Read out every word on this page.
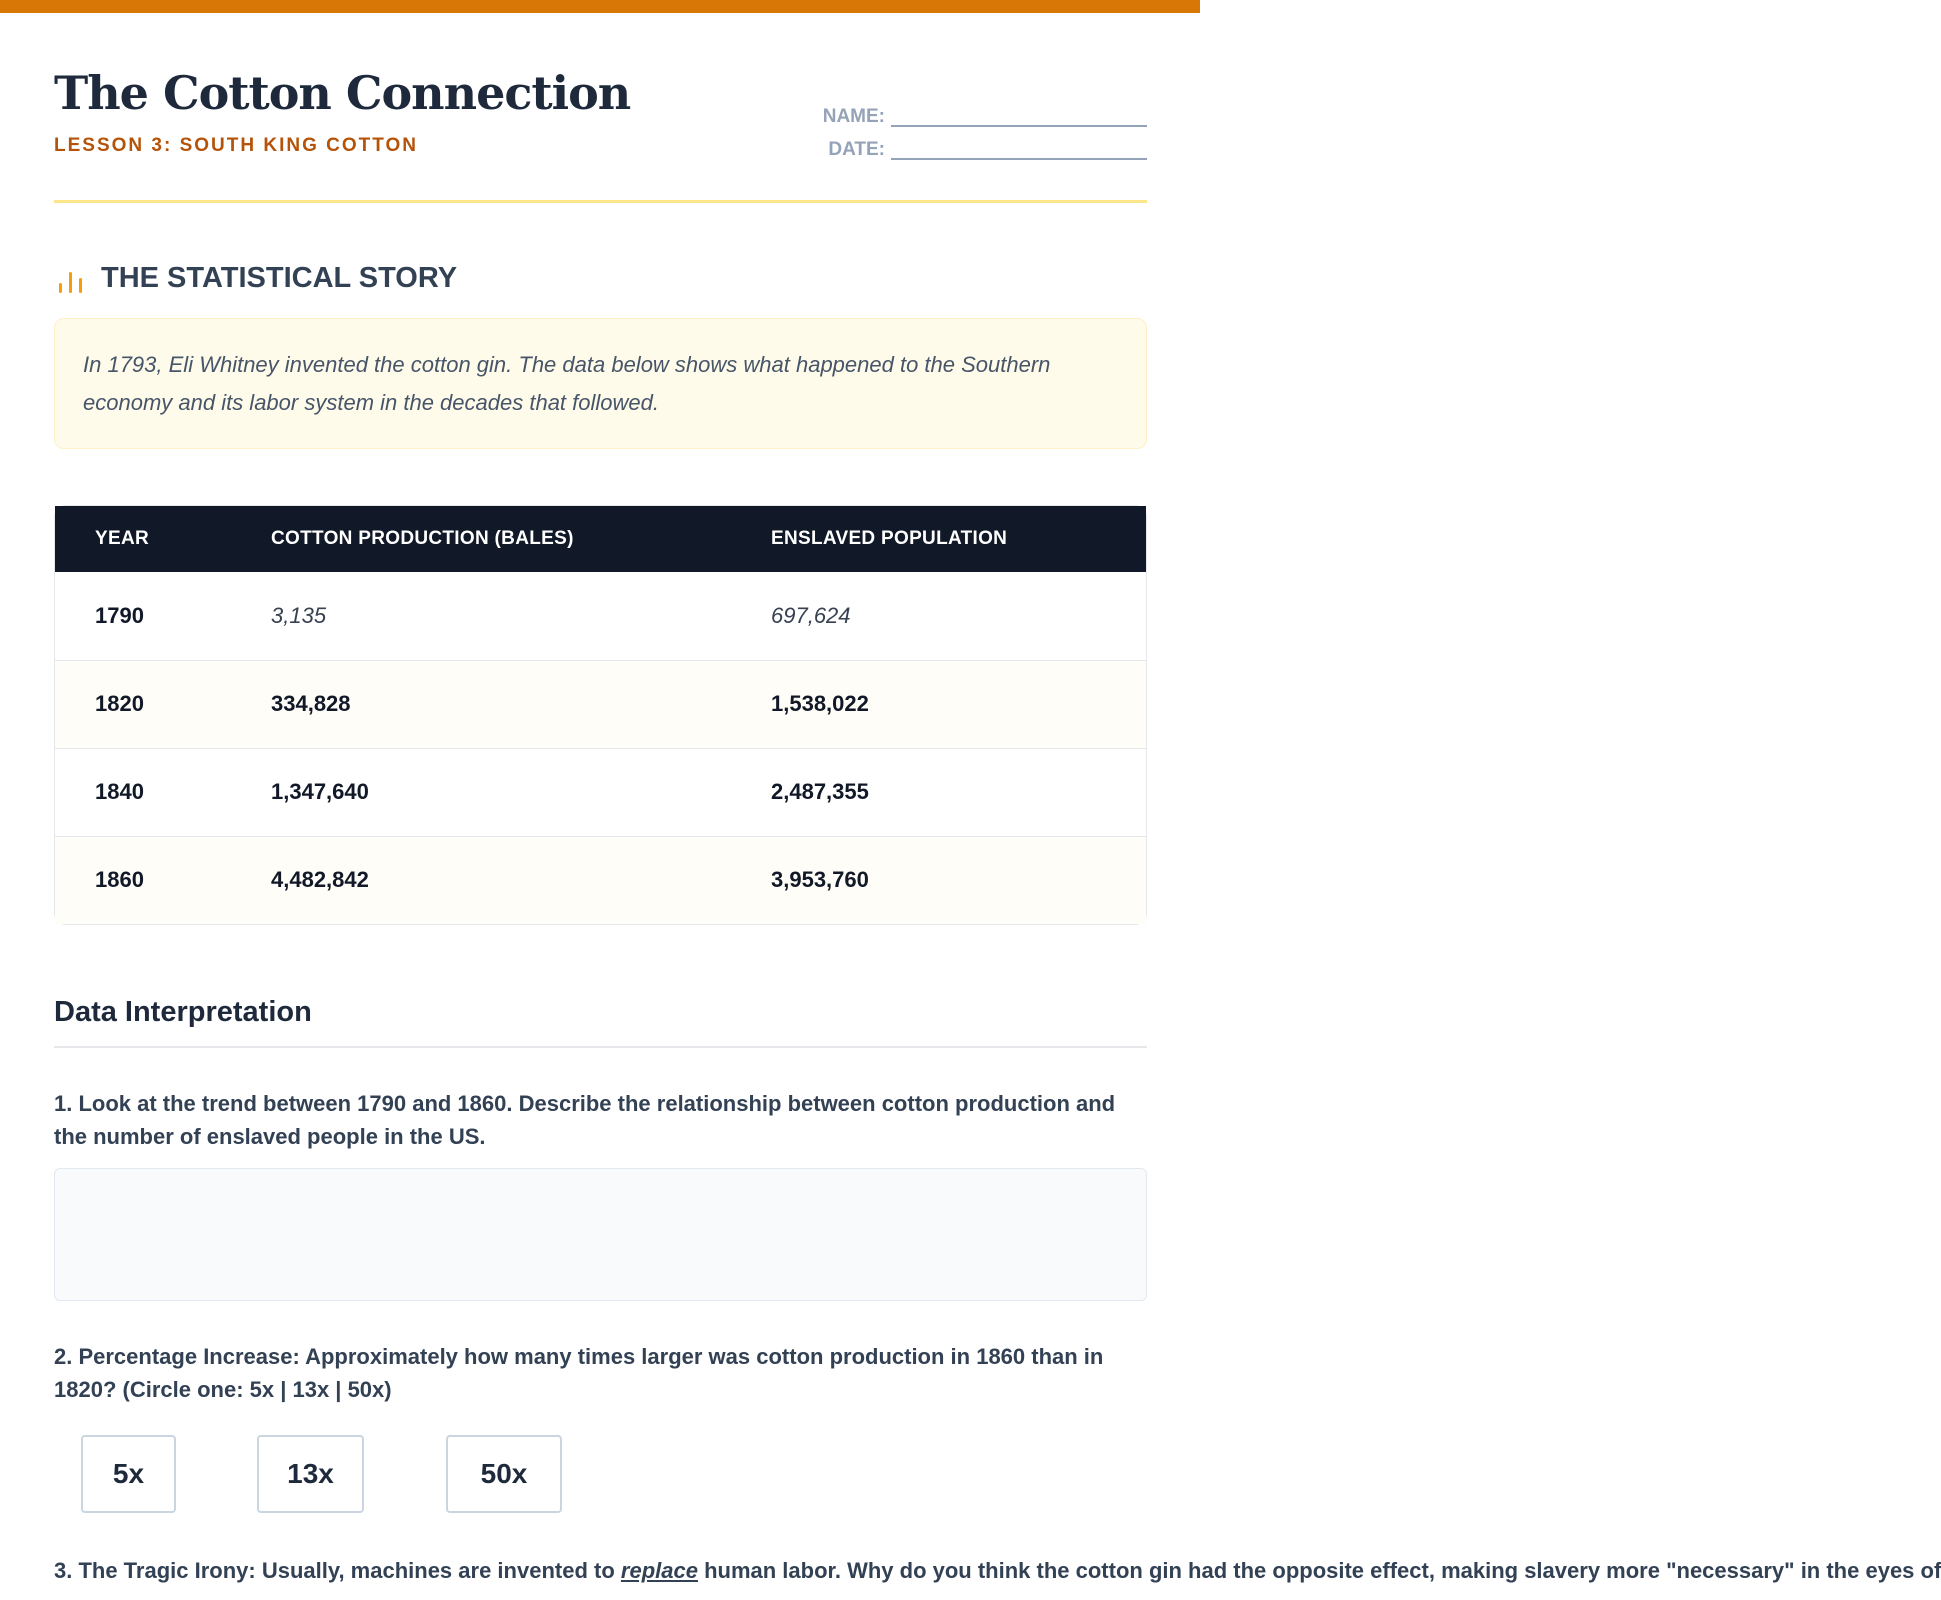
The Cotton Connection
LESSON 3: SOUTH KING COTTON
NAME:
DATE:
THE STATISTICAL STORY
In 1793, Eli Whitney invented the cotton gin. The data below shows what happened to the Southern economy and its labor system in the decades that followed.
YEAR	COTTON PRODUCTION (BALES)	ENSLAVED POPULATION
1790	3,135	697,624
1820	334,828	1,538,022
1840	1,347,640	2,487,355
1860	4,482,842	3,953,760
Data Interpretation
1. Look at the trend between 1790 and 1860. Describe the relationship between cotton production and the number of enslaved people in the US.
2. Percentage Increase: Approximately how many times larger was cotton production in 1860 than in 1820? (Circle one: 5x | 13x | 50x)
5x	13x	50x
3. The Tragic Irony: Usually, machines are invented to replace human labor. Why do you think the cotton gin had the opposite effect, making slavery more "necessary" in the eyes of
